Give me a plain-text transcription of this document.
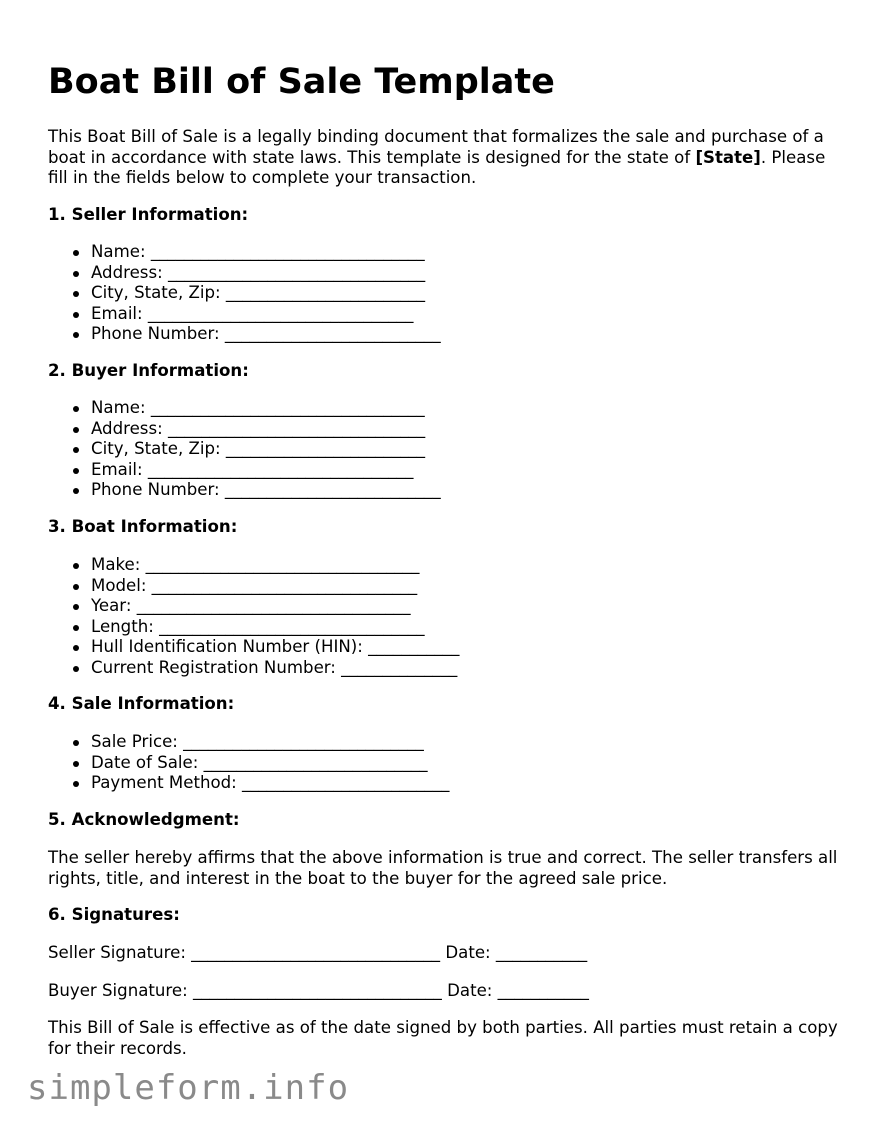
Boat Bill of Sale Template

This Boat Bill of Sale is a legally binding document that formalizes the sale and purchase of a boat in accordance with state laws. This template is designed for the state of [State]. Please fill in the fields below to complete your transaction.

1. Seller Information:
Name: _________________________________
Address: _______________________________
City, State, Zip: ________________________
Email: ________________________________
Phone Number: __________________________
2. Buyer Information:
Name: _________________________________
Address: _______________________________
City, State, Zip: ________________________
Email: ________________________________
Phone Number: __________________________
3. Boat Information:
Make: _________________________________
Model: ________________________________
Year: _________________________________
Length: ________________________________
Hull Identification Number (HIN): ___________
Current Registration Number: ______________
4. Sale Information:
Sale Price: _____________________________
Date of Sale: ___________________________
Payment Method: _________________________
5. Acknowledgment:

The seller hereby affirms that the above information is true and correct. The seller transfers all rights, title, and interest in the boat to the buyer for the agreed sale price.

6. Signatures:

Seller Signature: ______________________________ Date: ___________

Buyer Signature: ______________________________ Date: ___________

This Bill of Sale is effective as of the date signed by both parties. All parties must retain a copy for their records.

simpleform.info
